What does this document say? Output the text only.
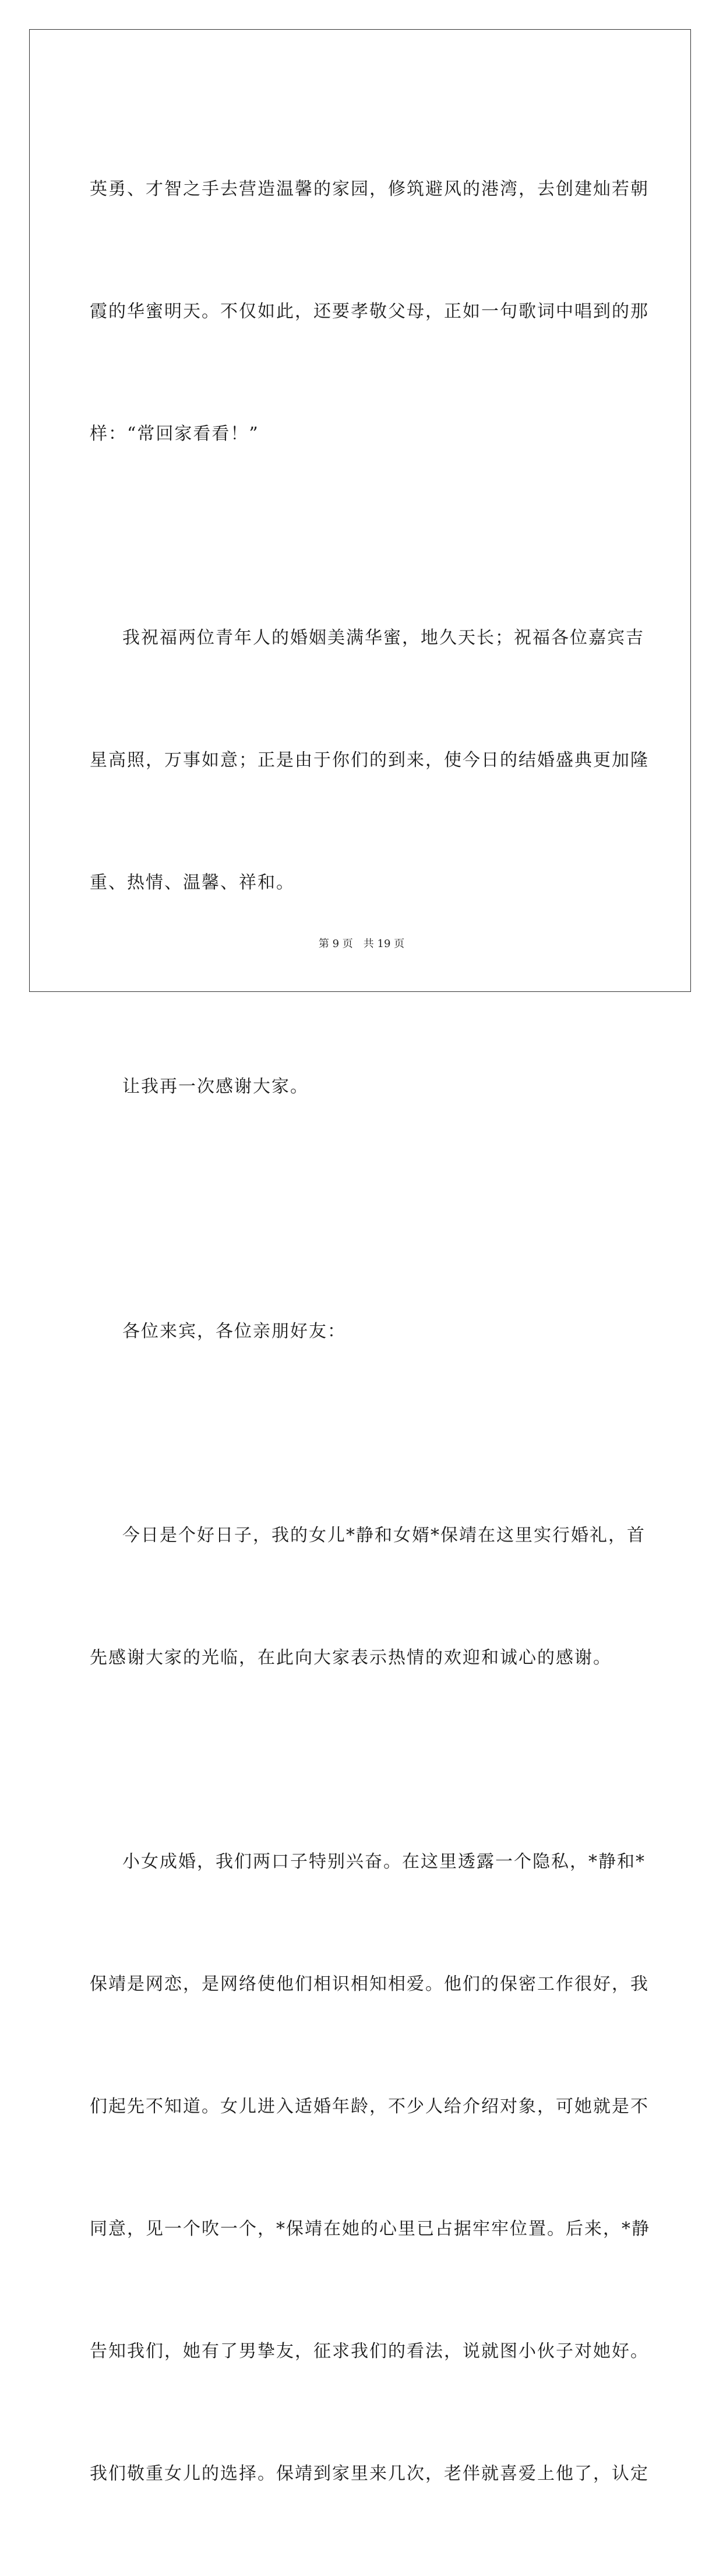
英勇、才智之手去营造温馨的家园，修筑避风的港湾，去创建灿若朝

霞的华蜜明天。不仅如此，还要孝敬父母，正如一句歌词中唱到的那

样：“常回家看看！”

我祝福两位青年人的婚姻美满华蜜，地久天长；祝福各位嘉宾吉

星高照，万事如意；正是由于你们的到来，使今日的结婚盛典更加隆

重、热情、温馨、祥和。

让我再一次感谢大家。

各位来宾，各位亲朋好友：

今日是个好日子，我的女儿*静和女婿*保靖在这里实行婚礼，首

先感谢大家的光临，在此向大家表示热情的欢迎和诚心的感谢。

小女成婚，我们两口子特别兴奋。在这里透露一个隐私，*静和*

保靖是网恋，是网络使他们相识相知相爱。他们的保密工作很好，我

们起先不知道。女儿进入适婚年龄，不少人给介绍对象，可她就是不

同意，见一个吹一个，*保靖在她的心里已占据牢牢位置。后来，*静

告知我们，她有了男挚友，征求我们的看法，说就图小伙子对她好。

我们敬重女儿的选择。保靖到家里来几次，老伴就喜爱上他了，认定

第 9 页　共 19 页
